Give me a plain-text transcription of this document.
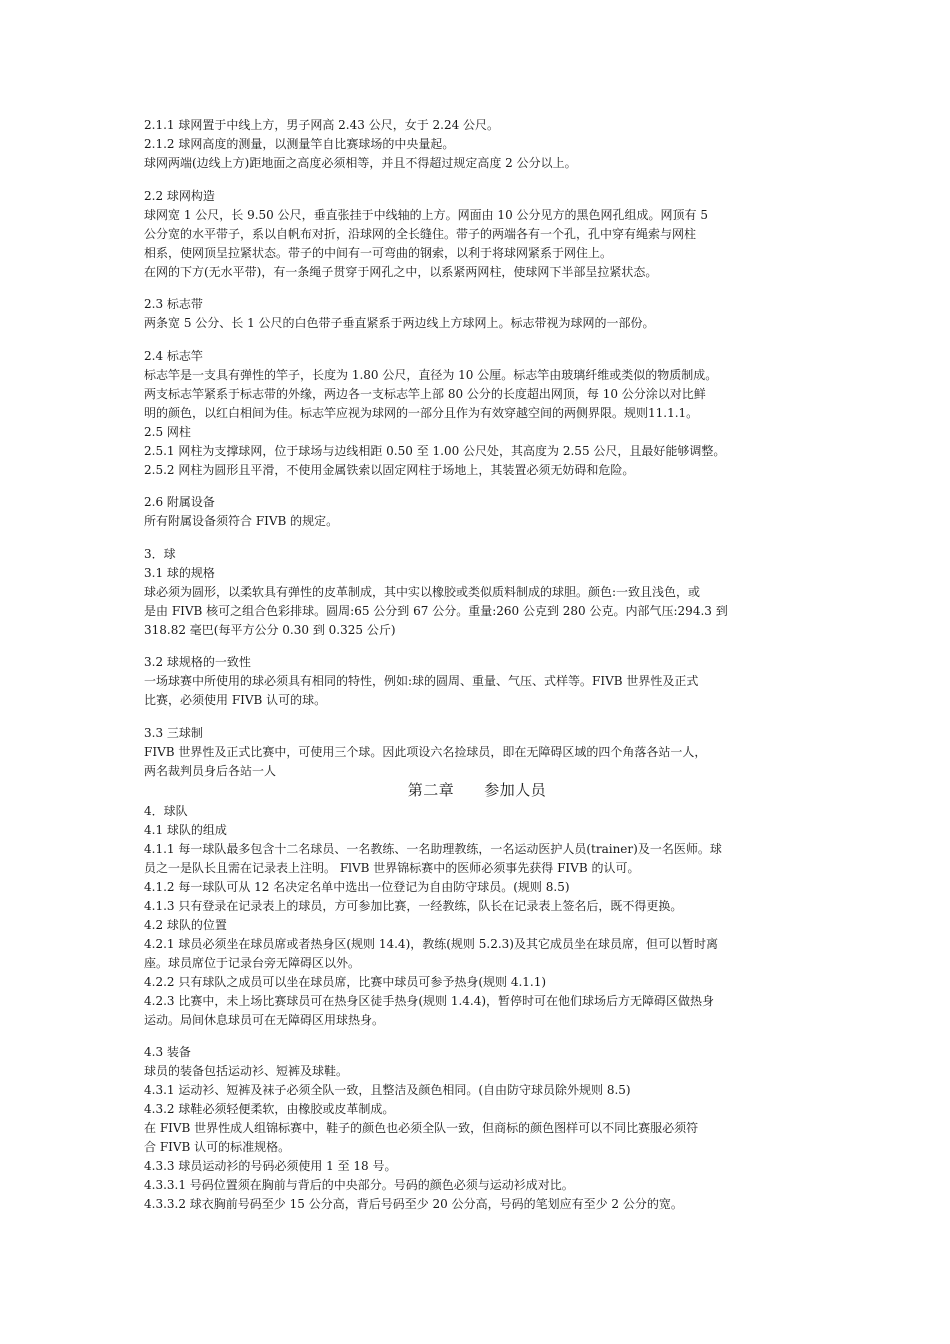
2.1.1 球网置于中线上方，男子网高 2.43 公尺，女于 2.24 公尺。
2.1.2 球网高度的测量，以测量竿自比赛球场的中央量起。
球网两端(边线上方)距地面之高度必须相等，并且不得超过规定高度 2 公分以上。
2.2 球网构造
球网宽 1 公尺，长 9.50 公尺，垂直张挂于中线轴的上方。网面由 10 公分见方的黑色网孔组成。网顶有 5
公分宽的水平带子，系以自帆布对折，沿球网的全长缝住。带子的两端各有一个孔，孔中穿有绳索与网柱
相系，使网顶呈拉紧状态。带子的中间有一可弯曲的钢索，以利于将球网紧系于网住上。
在网的下方(无水平带)，有一条绳子贯穿于网孔之中，以系紧两网柱，使球网下半部呈拉紧状态。
2.3 标志带
两条宽 5 公分、长 1 公尺的白色带子垂直紧系于两边线上方球网上。标志带视为球网的一部份。
2.4 标志竿
标志竿是一支具有弹性的竿子，长度为 1.80 公尺，直径为 10 公厘。标志竿由玻璃纤维或类似的物质制成。
两支标志竿紧系于标志带的外缘，两边各一支标志竿上部 80 公分的长度超出网顶，每 10 公分涂以对比鲜
明的颜色，以红白相间为佳。标志竿应视为球网的一部分且作为有效穿越空间的两侧界限。规则11.1.1。
2.5 网柱
2.5.1 网柱为支撑球网，位于球场与边线相距 0.50 至 1.00 公尺处，其高度为 2.55 公尺，且最好能够调整。
2.5.2 网柱为圆形且平滑，不使用金属铁索以固定网柱于场地上，其装置必须无妨碍和危险。
2.6 附属设备
所有附属设备须符合 FIVB 的规定。
3．球
3.1 球的规格
球必须为圆形，以柔软具有弹性的皮革制成，其中实以橡胶或类似质料制成的球胆。颜色:一致且浅色，或
是由 FIVB 核可之组合色彩排球。圆周:65 公分到 67 公分。重量:260 公克到 280 公克。内部气压:294.3 到
318.82 毫巴(每平方公分 0.30 到 0.325 公斤)
3.2 球规格的一致性
一场球赛中所使用的球必须具有相同的特性，例如:球的圆周、重量、气压、式样等。FIVB 世界性及正式
比赛，必须使用 FIVB 认可的球。
3.3 三球制
FIVB 世界性及正式比赛中，可使用三个球。因此项设六名捡球员，即在无障碍区域的四个角落各站一人，
两名裁判员身后各站一人
第二章 参加人员
4．球队
4.1 球队的组成
4.1.1 每一球队最多包含十二名球员、一名教练、一名助理教练，一名运动医护人员(trainer)及一名医师。球
员之一是队长且需在记录表上注明。 FlVB 世界锦标赛中的医师必须事先获得 FIVB 的认可。
4.1.2 每一球队可从 12 名决定名单中选出一位登记为自由防守球员。(规则 8.5)
4.1.3 只有登录在记录表上的球员，方可参加比赛，一经教练，队长在记录表上签名后，既不得更换。
4.2 球队的位置
4.2.1 球员必须坐在球员席或者热身区(规则 14.4)，教练(规则 5.2.3)及其它成员坐在球员席，但可以暂时离
座。球员席位于记录台旁无障碍区以外。
4.2.2 只有球队之成员可以坐在球员席，比赛中球员可参予热身(规则 4.1.1)
4.2.3 比赛中，未上场比赛球员可在热身区徒手热身(规则 1.4.4)，暂停时可在他们球场后方无障碍区做热身
运动。局间休息球员可在无障碍区用球热身。
4.3 装备
球员的装备包括运动衫、短裤及球鞋。
4.3.1 运动衫、短裤及袜子必须全队一致，且整洁及颜色相同。(自由防守球员除外规则 8.5)
4.3.2 球鞋必须轻便柔软，由橡胶或皮革制成。
在 FIVB 世界性成人组锦标赛中，鞋子的颜色也必须全队一致，但商标的颜色图样可以不同比赛服必须符
合 FIVB 认可的标准规格。
4.3.3 球员运动衫的号码必须使用 1 至 18 号。
4.3.3.1 号码位置须在胸前与背后的中央部分。号码的颜色必须与运动衫成对比。
4.3.3.2 球衣胸前号码至少 15 公分高，背后号码至少 20 公分高，号码的笔划应有至少 2 公分的宽。
